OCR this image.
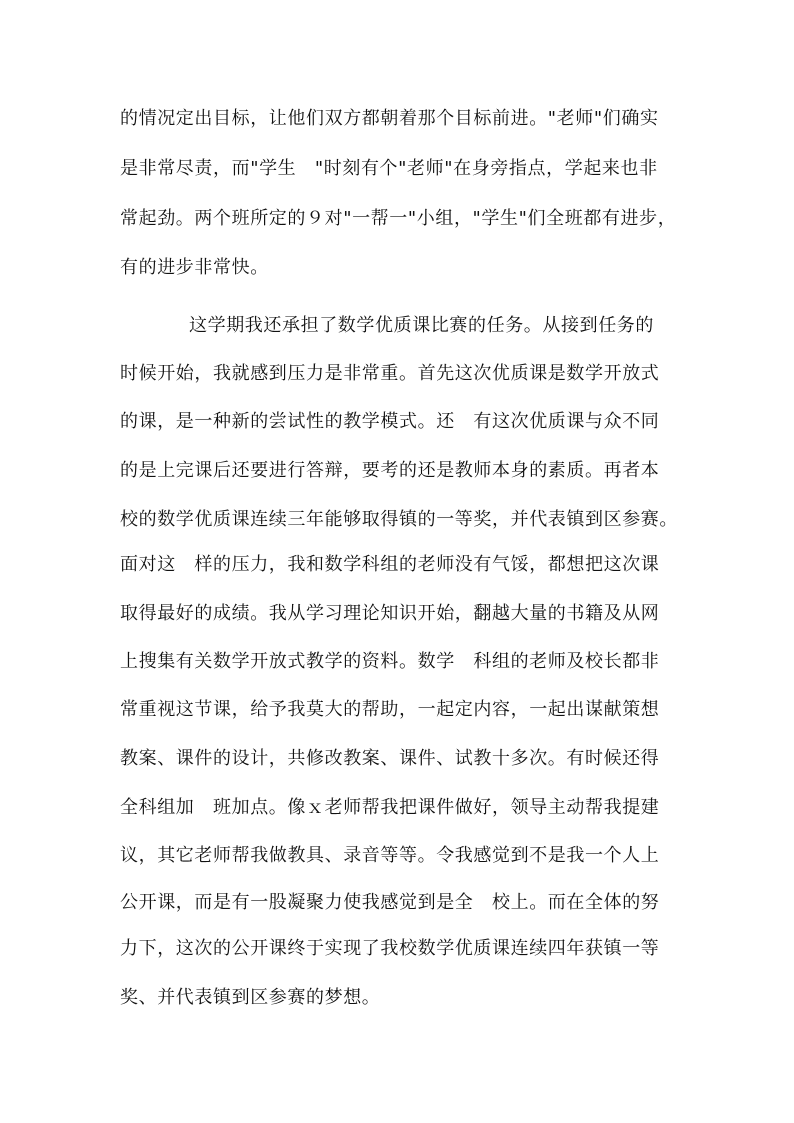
的情况定出目标，让他们双方都朝着那个目标前进。"老师"们确实
是非常尽责，而"学生　"时刻有个"老师"在身旁指点，学起来也非
常起劲。两个班所定的９对"一帮一"小组，"学生"们全班都有进步，
有的进步非常快。
这学期我还承担了数学优质课比赛的任务。从接到任务的
时候开始，我就感到压力是非常重。首先这次优质课是数学开放式
的课，是一种新的尝试性的教学模式。还　有这次优质课与众不同
的是上完课后还要进行答辩，要考的还是教师本身的素质。再者本
校的数学优质课连续三年能够取得镇的一等奖，并代表镇到区参赛。
面对这　样的压力，我和数学科组的老师没有气馁，都想把这次课
取得最好的成绩。我从学习理论知识开始，翻越大量的书籍及从网
上搜集有关数学开放式教学的资料。数学　科组的老师及校长都非
常重视这节课，给予我莫大的帮助，一起定内容，一起出谋献策想
教案、课件的设计，共修改教案、课件、试教十多次。有时候还得
全科组加　班加点。像ｘ老师帮我把课件做好，领导主动帮我提建
议，其它老师帮我做教具、录音等等。令我感觉到不是我一个人上
公开课，而是有一股凝聚力使我感觉到是全　校上。而在全体的努
力下，这次的公开课终于实现了我校数学优质课连续四年获镇一等
奖、并代表镇到区参赛的梦想。
